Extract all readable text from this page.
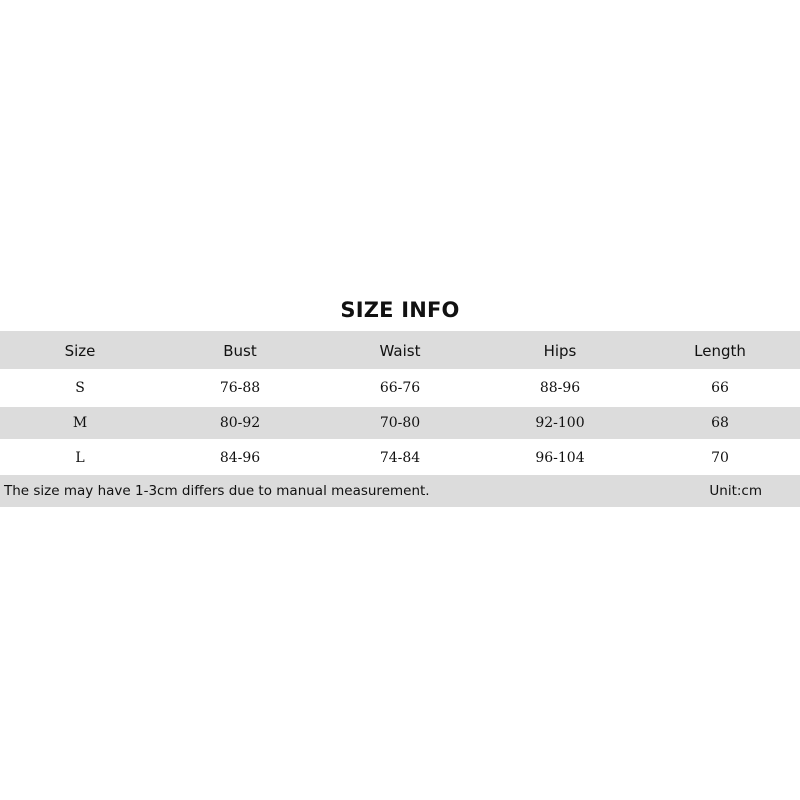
SIZE INFO
Size	Bust	Waist	Hips	Length
S	76-88	66-76	88-96	66
M	80-92	70-80	92-100	68
L	84-96	74-84	96-104	70
The size may have 1-3cm differs due to manual measurement.	Unit:cm
